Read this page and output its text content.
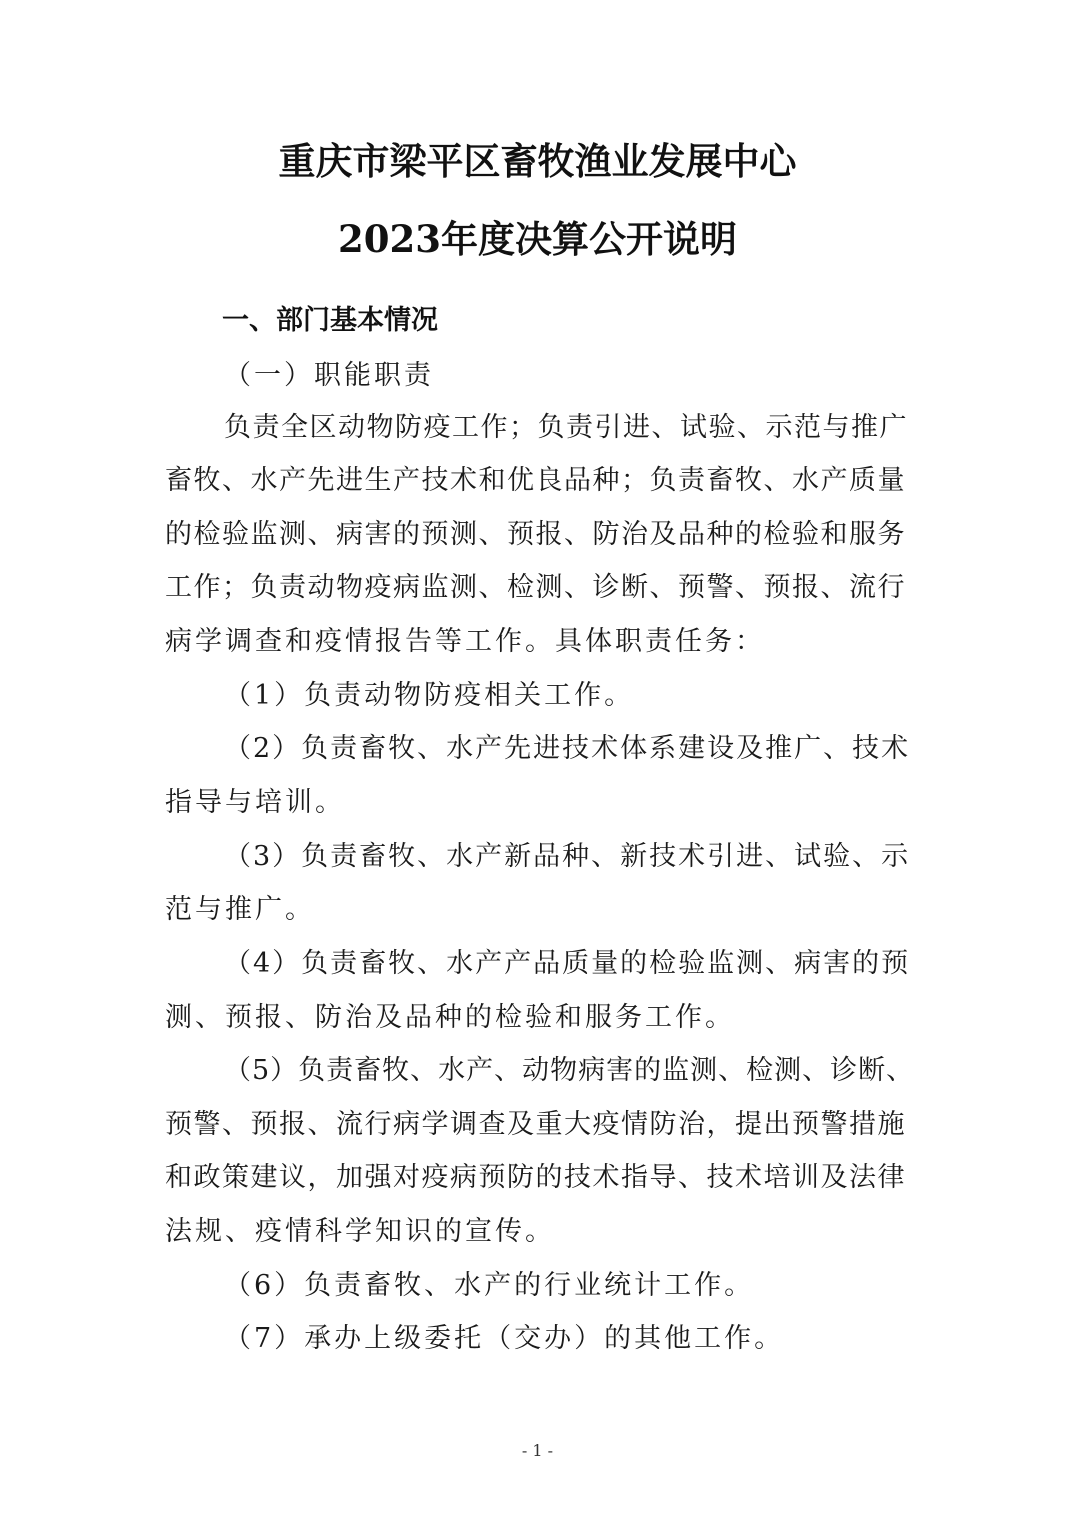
重庆市梁平区畜牧渔业发展中心
2023年度决算公开说明
一、部门基本情况
（一）职能职责
负责全区动物防疫工作；负责引进、试验、示范与推广
畜牧、水产先进生产技术和优良品种；负责畜牧、水产质量
的检验监测、病害的预测、预报、防治及品种的检验和服务
工作；负责动物疫病监测、检测、诊断、预警、预报、流行
病学调查和疫情报告等工作。具体职责任务：
（1）负责动物防疫相关工作。
（2）负责畜牧、水产先进技术体系建设及推广、技术
指导与培训。
（3）负责畜牧、水产新品种、新技术引进、试验、示
范与推广。
（4）负责畜牧、水产产品质量的检验监测、病害的预
测、预报、防治及品种的检验和服务工作。
（5）负责畜牧、水产、动物病害的监测、检测、诊断、
预警、预报、流行病学调查及重大疫情防治，提出预警措施
和政策建议，加强对疫病预防的技术指导、技术培训及法律
法规、疫情科学知识的宣传。
（6）负责畜牧、水产的行业统计工作。
（7）承办上级委托（交办）的其他工作。
- 1 -
